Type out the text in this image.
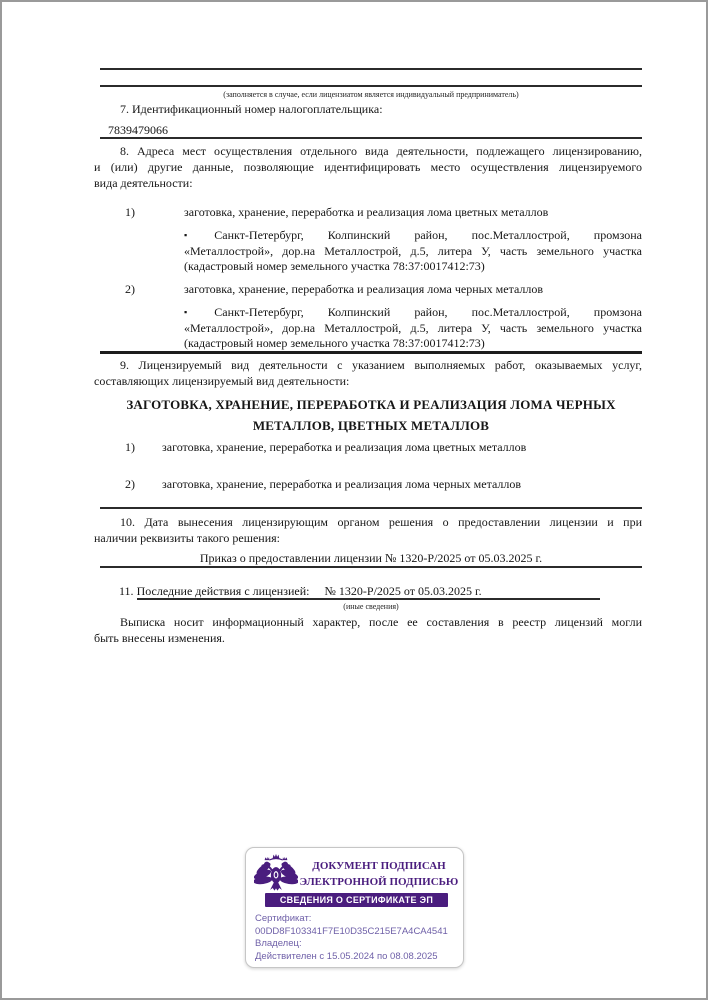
(заполняется в случае, если лицензиатом является индивидуальный предприниматель)
7. Идентификационный номер налогоплательщика:
7839479066
8. Адреса мест осуществления отдельного вида деятельности, подлежащего лицензированию,
и (или) другие данные, позволяющие идентифицировать место осуществления лицензируемого
вида деятельности:
1)	заготовка, хранение, переработка и реализация лома цветных металлов
▪ Санкт-Петербург, Колпинский район, пос.Металлострой, промзона
«Металлострой», дор.на Металлострой, д.5, литера У, часть земельного участка
(кадастровый номер земельного участка 78:37:0017412:73)
2)	заготовка, хранение, переработка и реализация лома черных металлов
▪ Санкт-Петербург, Колпинский район, пос.Металлострой, промзона
«Металлострой», дор.на Металлострой, д.5, литера У, часть земельного участка
(кадастровый номер земельного участка 78:37:0017412:73)
9. Лицензируемый вид деятельности с указанием выполняемых работ, оказываемых услуг,
составляющих лицензируемый вид деятельности:
ЗАГОТОВКА, ХРАНЕНИЕ, ПЕРЕРАБОТКА И РЕАЛИЗАЦИЯ ЛОМА ЧЕРНЫХ
МЕТАЛЛОВ, ЦВЕТНЫХ МЕТАЛЛОВ
1) заготовка, хранение, переработка и реализация лома цветных металлов
2) заготовка, хранение, переработка и реализация лома черных металлов
10. Дата вынесения лицензирующим органом решения о предоставлении лицензии и при
наличии реквизиты такого решения:
Приказ о предоставлении лицензии № 1320-Р/2025 от 05.03.2025 г.
11. Последние действия с лицензией: № 1320-Р/2025 от 05.03.2025 г.
(иные сведения)
Выписка носит информационный характер, после ее составления в реестр лицензий могли
быть внесены изменения.
ДОКУМЕНТ ПОДПИСАН
ЭЛЕКТРОННОЙ ПОДПИСЬЮ
СВЕДЕНИЯ О СЕРТИФИКАТЕ ЭП
Сертификат:
00DD8F103341F7E10D35C215E7A4CA4541
Владелец:
Действителен с 15.05.2024 по 08.08.2025
